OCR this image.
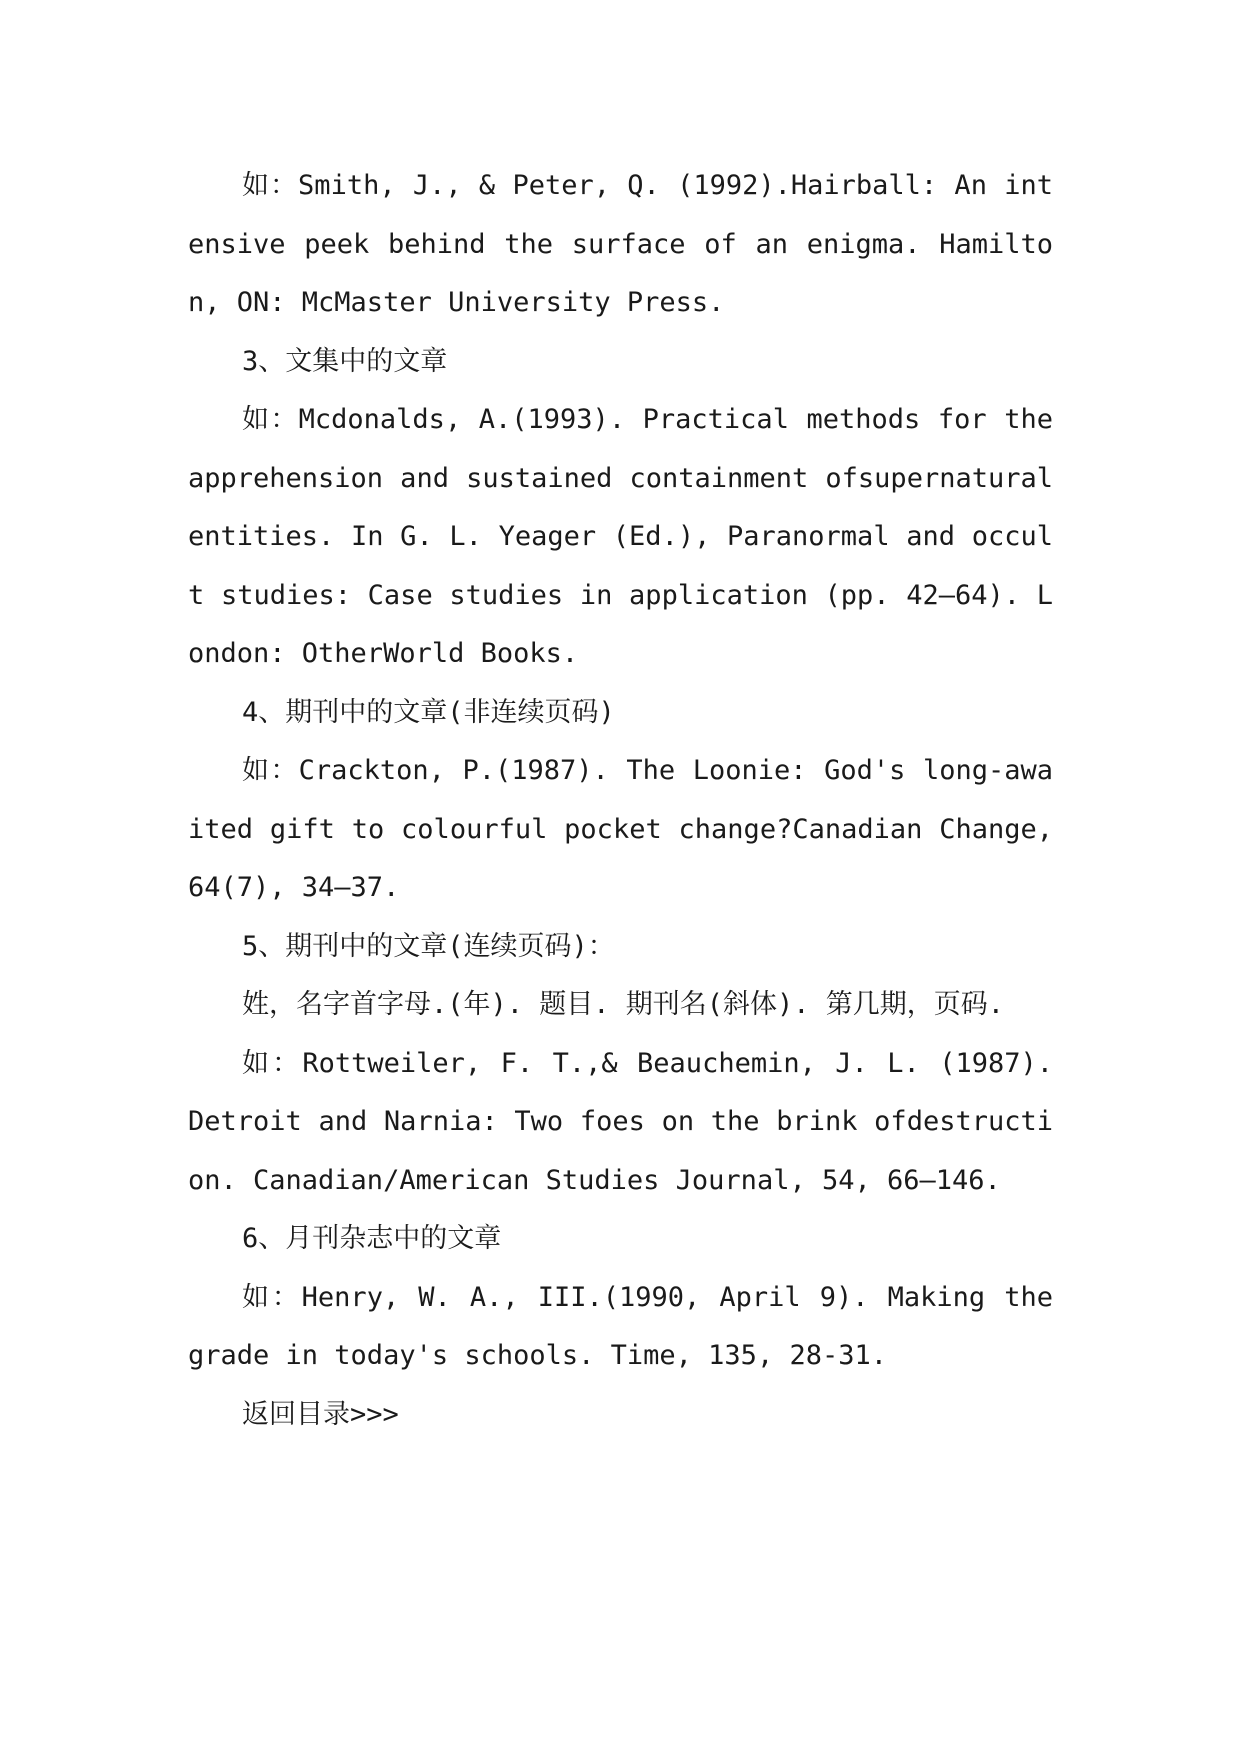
如：Smith, J., & Peter, Q. (1992).Hairball: An intensive peek behind the surface of an enigma. Hamilton, ON: McMaster University Press.

3、文集中的文章

如：Mcdonalds, A.(1993). Practical methods for the apprehension and sustained containment ofsupernatural entities. In G. L. Yeager (Ed.), Paranormal and occult studies: Case studies in application (pp. 42–64). London: OtherWorld Books.

4、期刊中的文章(非连续页码)

如：Crackton, P.(1987). The Loonie: God's long-awaited gift to colourful pocket change?Canadian Change, 64(7), 34–37.

5、期刊中的文章(连续页码)：

姓，名字首字母.(年). 题目. 期刊名(斜体). 第几期，页码.

如：Rottweiler, F. T.,& Beauchemin, J. L. (1987). Detroit and Narnia: Two foes on the brink ofdestruction. Canadian/American Studies Journal, 54, 66–146.

6、月刊杂志中的文章

如：Henry, W. A., III.(1990, April 9). Making the grade in today's schools. Time, 135, 28-31.

返回目录>>>
